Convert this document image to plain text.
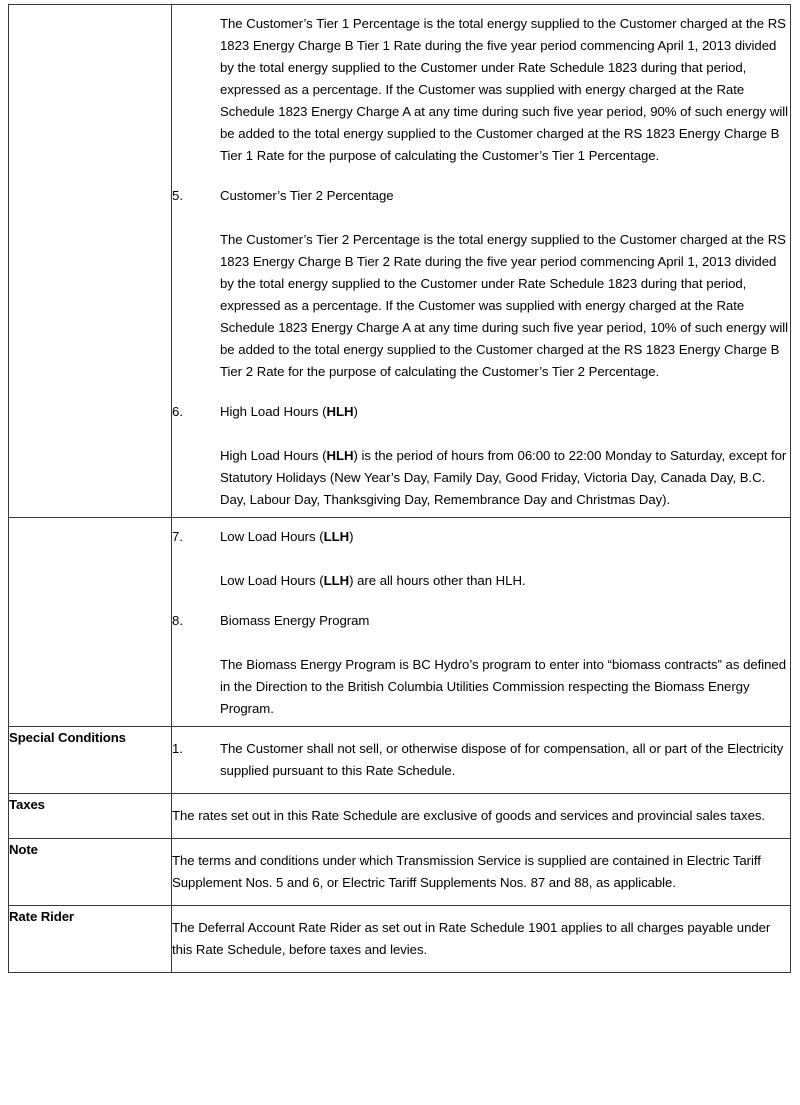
The Customer’s Tier 1 Percentage is the total energy supplied to the Customer charged at the RS 1823 Energy Charge B Tier 1 Rate during the five year period commencing April 1, 2013 divided by the total energy supplied to the Customer under Rate Schedule 1823 during that period, expressed as a percentage. If the Customer was supplied with energy charged at the Rate Schedule 1823 Energy Charge A at any time during such five year period, 90% of such energy will be added to the total energy supplied to the Customer charged at the RS 1823 Energy Charge B Tier 1 Rate for the purpose of calculating the Customer’s Tier 1 Percentage.
5.	Customer’s Tier 2 Percentage
The Customer’s Tier 2 Percentage is the total energy supplied to the Customer charged at the RS 1823 Energy Charge B Tier 2 Rate during the five year period commencing April 1, 2013 divided by the total energy supplied to the Customer under Rate Schedule 1823 during that period, expressed as a percentage. If the Customer was supplied with energy charged at the Rate Schedule 1823 Energy Charge A at any time during such five year period, 10% of such energy will be added to the total energy supplied to the Customer charged at the RS 1823 Energy Charge B Tier 2 Rate for the purpose of calculating the Customer’s Tier 2 Percentage.
6.	High Load Hours (HLH)
High Load Hours (HLH) is the period of hours from 06:00 to 22:00 Monday to Saturday, except for Statutory Holidays (New Year’s Day, Family Day, Good Friday, Victoria Day, Canada Day, B.C. Day, Labour Day, Thanksgiving Day, Remembrance Day and Christmas Day).

7.	Low Load Hours (LLH)
Low Load Hours (LLH) are all hours other than HLH.
8.	Biomass Energy Program
The Biomass Energy Program is BC Hydro’s program to enter into “biomass contracts” as defined in the Direction to the British Columbia Utilities Commission respecting the Biomass Energy Program.

Special Conditions	1. The Customer shall not sell, or otherwise dispose of for compensation, all or part of the Electricity supplied pursuant to this Rate Schedule.

Taxes	The rates set out in this Rate Schedule are exclusive of goods and services and provincial sales taxes.

Note	The terms and conditions under which Transmission Service is supplied are contained in Electric Tariff Supplement Nos. 5 and 6, or Electric Tariff Supplements Nos. 87 and 88, as applicable.

Rate Rider	The Deferral Account Rate Rider as set out in Rate Schedule 1901 applies to all charges payable under this Rate Schedule, before taxes and levies.
